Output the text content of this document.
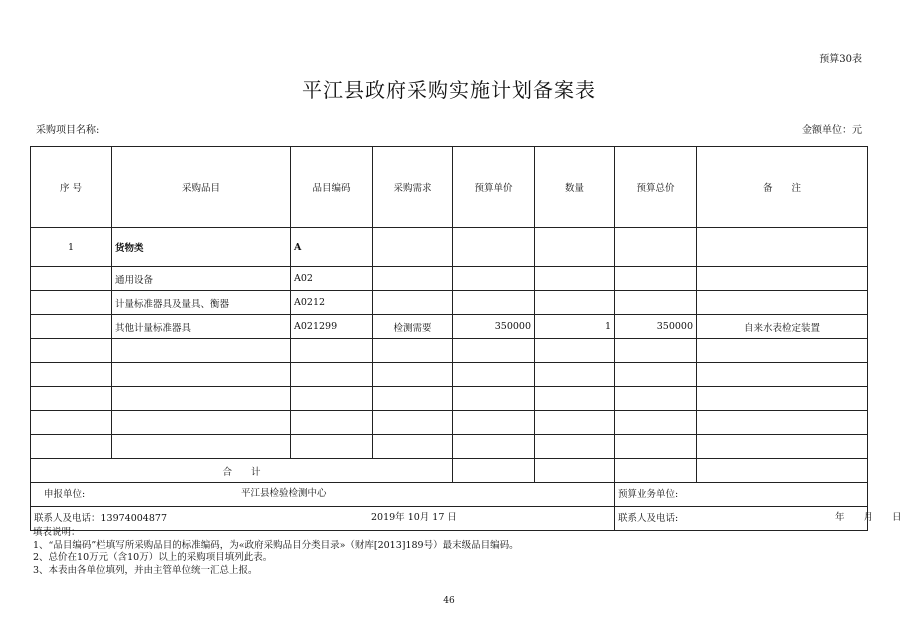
预算30表
平江县政府采购实施计划备案表
采购项目名称:	金额单位：元
序 号	采购品目	品目编码	采购需求	预算单价	数量	预算总价	备　　注
1	货物类	A					
	通用设备	A02					
	计量标准器具及量具、衡器	A0212					
	其他计量标准器具	A021299	检测需要	350000	1	350000	自来水表检定装置

合　　计							
申报单位: 平江县检验检测中心						预算业务单位:	
联系人及电话：13974004877 2019年 10月 17 日						联系人及电话: 年　　月　　日	
填表说明：
1、“品目编码”栏填写所采购品目的标准编码，为«政府采购品目分类目录»（财库[2013]189号）最末级品目编码。
2、总价在10万元（含10万）以上的采购项目填列此表。
3、本表由各单位填列，并由主管单位统一汇总上报。
46
